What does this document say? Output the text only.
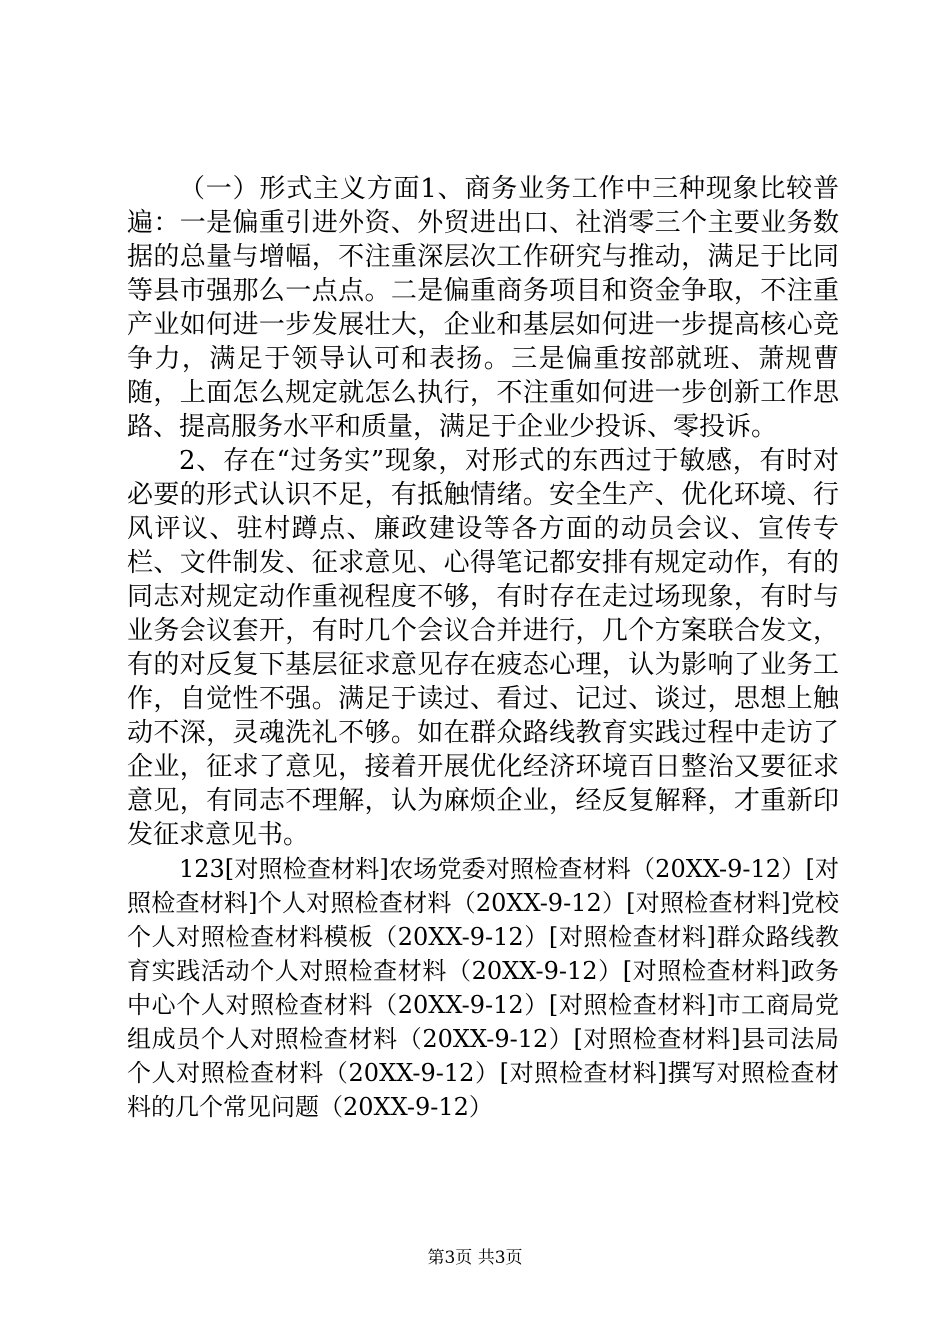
（一）形式主义方面1、商务业务工作中三种现象比较普遍：一是偏重引进外资、外贸进出口、社消零三个主要业务数据的总量与增幅，不注重深层次工作研究与推动，满足于比同等县市强那么一点点。二是偏重商务项目和资金争取，不注重产业如何进一步发展壮大，企业和基层如何进一步提高核心竞争力，满足于领导认可和表扬。三是偏重按部就班、萧规曹随，上面怎么规定就怎么执行，不注重如何进一步创新工作思路、提高服务水平和质量，满足于企业少投诉、零投诉。

2、存在“过务实”现象，对形式的东西过于敏感，有时对必要的形式认识不足，有抵触情绪。安全生产、优化环境、行风评议、驻村蹲点、廉政建设等各方面的动员会议、宣传专栏、文件制发、征求意见、心得笔记都安排有规定动作，有的同志对规定动作重视程度不够，有时存在走过场现象，有时与业务会议套开，有时几个会议合并进行，几个方案联合发文，有的对反复下基层征求意见存在疲态心理，认为影响了业务工作，自觉性不强。满足于读过、看过、记过、谈过，思想上触动不深，灵魂洗礼不够。如在群众路线教育实践过程中走访了企业，征求了意见，接着开展优化经济环境百日整治又要征求意见，有同志不理解，认为麻烦企业，经反复解释，才重新印发征求意见书。

123[对照检查材料]农场党委对照检查材料（20XX-9-12）[对照检查材料]个人对照检查材料（20XX-9-12）[对照检查材料]党校个人对照检查材料模板（20XX-9-12）[对照检查材料]群众路线教育实践活动个人对照检查材料（20XX-9-12）[对照检查材料]政务中心个人对照检查材料（20XX-9-12）[对照检查材料]市工商局党组成员个人对照检查材料（20XX-9-12）[对照检查材料]县司法局个人对照检查材料（20XX-9-12）[对照检查材料]撰写对照检查材料的几个常见问题（20XX-9-12）

第3页 共3页
